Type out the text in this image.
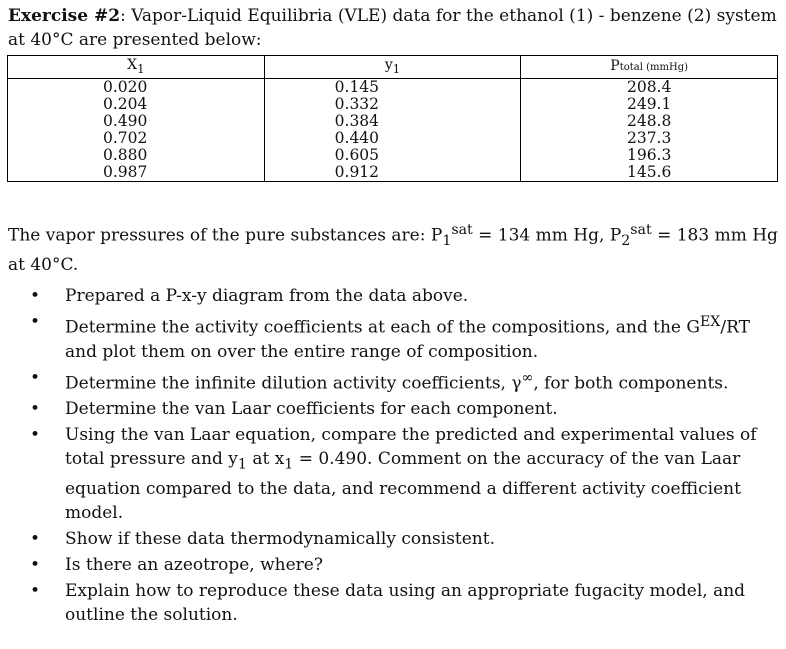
Exercise #2: Vapor-Liquid Equilibria (VLE) data for the ethanol (1) - benzene (2) system at 40°C are presented below:
$X_1$	$y_1$	Ptotal (mmHg)
0.020	0.145	208.4
0.204	0.332	249.1
0.490	0.384	248.8
0.702	0.440	237.3
0.880	0.605	196.3
0.987	0.912	145.6
The vapor pressures of the pure substances are: $P_1^{sat} = 134$ mm Hg, $P_2^{sat} = 183$ mm Hg at 40°C.
• Prepared a P-x-y diagram from the data above.
• Determine the activity coefficients at each of the compositions, and the $G^{EX}/RT$ and plot them on over the entire range of composition.
• Determine the infinite dilution activity coefficients, γ∞, for both components.
• Determine the van Laar coefficients for each component.
• Using the van Laar equation, compare the predicted and experimental values of total pressure and $y_1$ at $x_1 = 0.490$. Comment on the accuracy of the van Laar equation compared to the data, and recommend a different activity coefficient model.
• Show if these data thermodynamically consistent.
• Is there an azeotrope, where?
• Explain how to reproduce these data using an appropriate fugacity model, and outline the solution.
